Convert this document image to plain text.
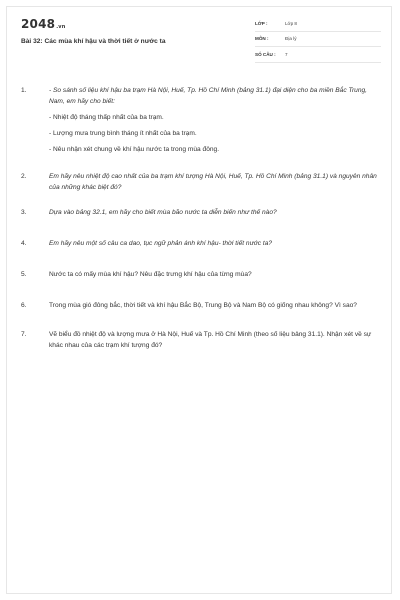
2048.vn
Bài 32: Các mùa khí hậu và thời tiết ở nước ta
LỚP :	Lớp 8
MÔN :	Địa lý
SỐ CÂU :	7
1.	- So sánh số liệu khí hậu ba trạm Hà Nội, Huế, Tp. Hồ Chí Minh (bảng 31.1) đại diện cho ba miền Bắc Trung, Nam, em hãy cho biết:
- Nhiệt độ tháng thấp nhất của ba trạm.
- Lượng mưa trung bình tháng ít nhất của ba trạm.
- Nêu nhận xét chung về khí hậu nước ta trong mùa đông.
2.	Em hãy nêu nhiệt độ cao nhất của ba trạm khí tượng Hà Nội, Huế, Tp. Hồ Chí Minh (bảng 31.1) và nguyên nhân của những khác biệt đó?
3.	Dựa vào bảng 32.1, em hãy cho biết mùa bão nước ta diễn biến như thế nào?
4.	Em hãy nêu một số câu ca dao, tục ngữ phản ánh khí hậu- thời tiết nước ta?
5.	Nước ta có mấy mùa khí hậu? Nêu đặc trưng khí hậu của từng mùa?
6.	Trong mùa gió đông bắc, thời tiết và khí hậu Bắc Bộ, Trung Bộ và Nam Bộ có giống nhau không? Vì sao?
7.	Vẽ biểu đồ nhiệt độ và lượng mưa ở Hà Nội, Huế và Tp. Hồ Chí Minh (theo số liệu bảng 31.1). Nhận xét về sự khác nhau của các trạm khí tượng đó?
